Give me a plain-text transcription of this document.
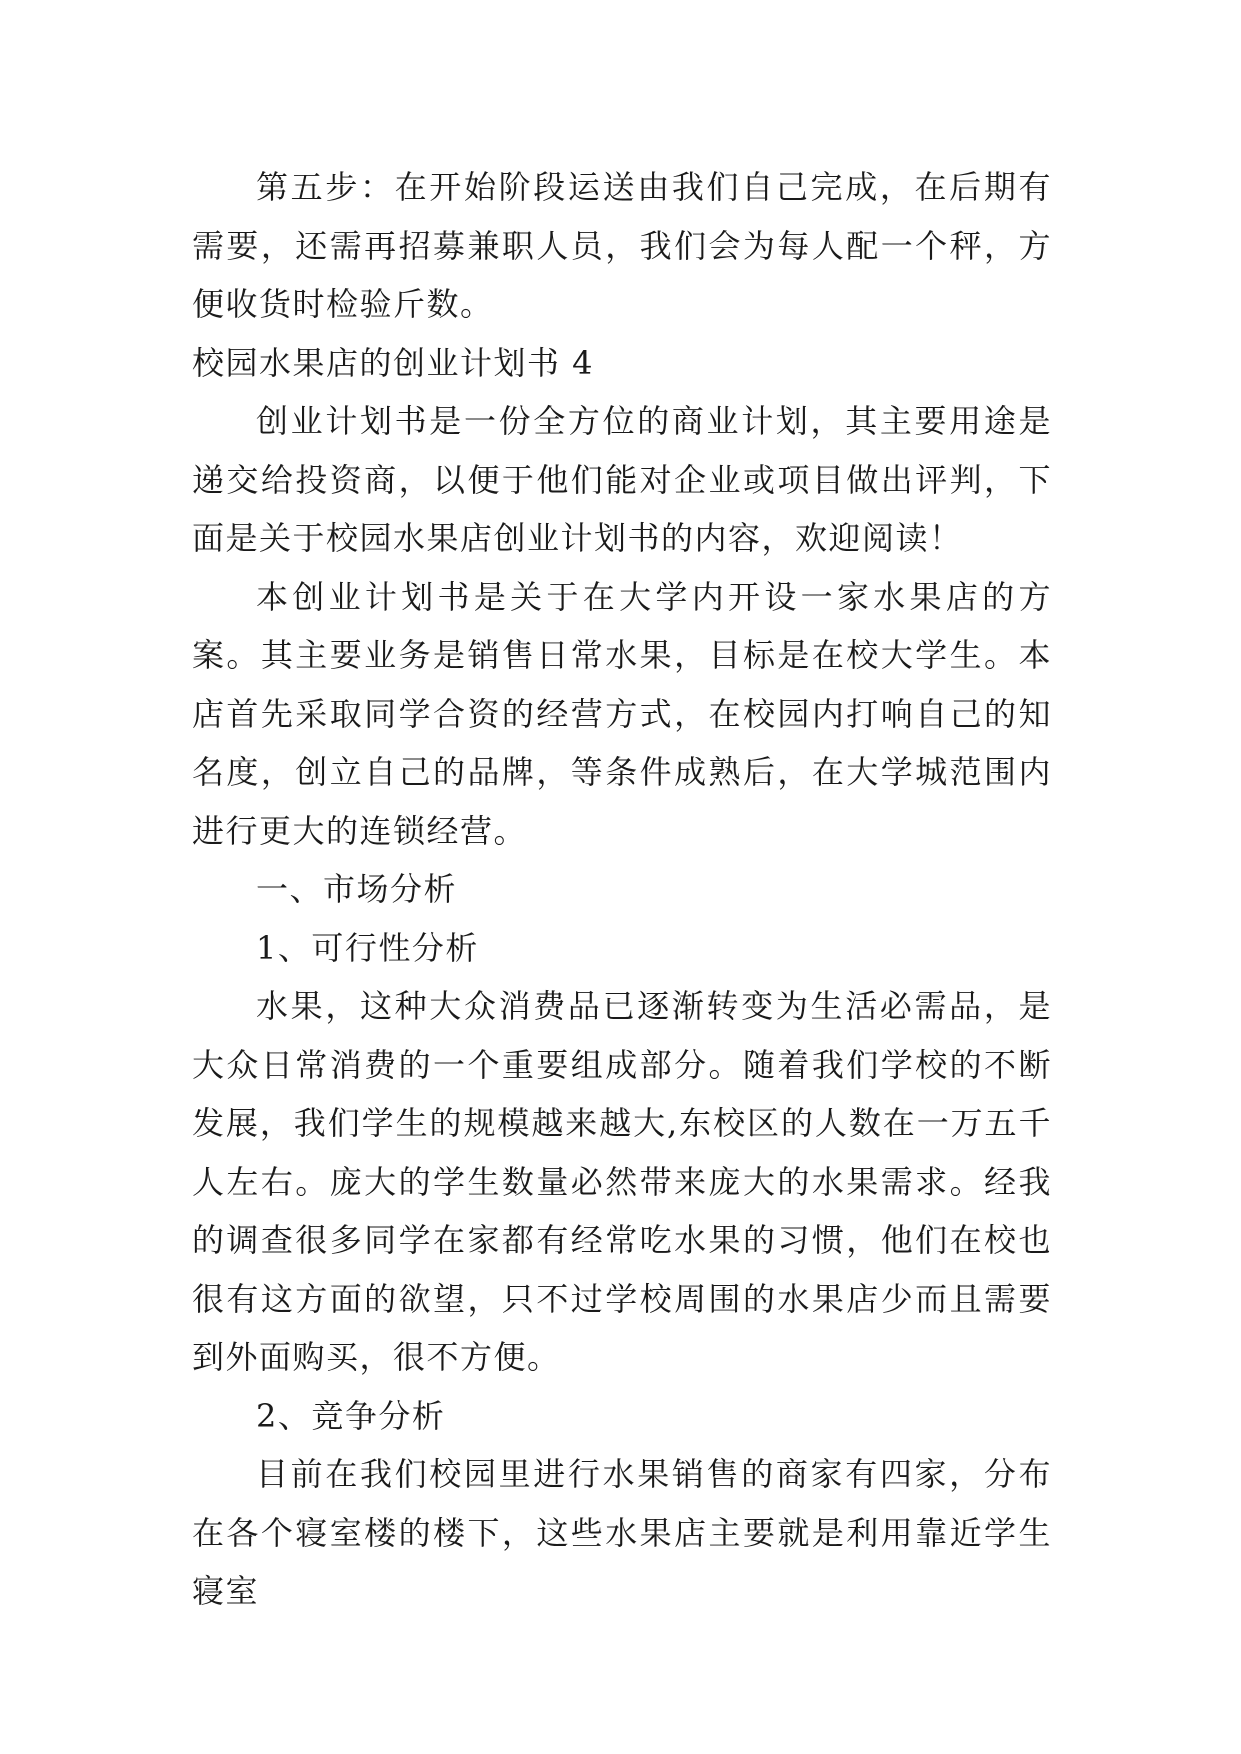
第五步：在开始阶段运送由我们自己完成，在后期有需要，还需再招募兼职人员，我们会为每人配一个秤，方便收货时检验斤数。

校园水果店的创业计划书 4

创业计划书是一份全方位的商业计划，其主要用途是递交给投资商，以便于他们能对企业或项目做出评判，下面是关于校园水果店创业计划书的内容，欢迎阅读！

本创业计划书是关于在大学内开设一家水果店的方案。其主要业务是销售日常水果，目标是在校大学生。本店首先采取同学合资的经营方式，在校园内打响自己的知名度，创立自己的品牌，等条件成熟后，在大学城范围内进行更大的连锁经营。

一、市场分析

1、可行性分析

水果，这种大众消费品已逐渐转变为生活必需品，是大众日常消费的一个重要组成部分。随着我们学校的不断发展，我们学生的规模越来越大,东校区的人数在一万五千人左右。庞大的学生数量必然带来庞大的水果需求。经我的调查很多同学在家都有经常吃水果的习惯，他们在校也很有这方面的欲望，只不过学校周围的水果店少而且需要到外面购买，很不方便。

2、竞争分析

目前在我们校园里进行水果销售的商家有四家，分布在各个寝室楼的楼下，这些水果店主要就是利用靠近学生寝室
